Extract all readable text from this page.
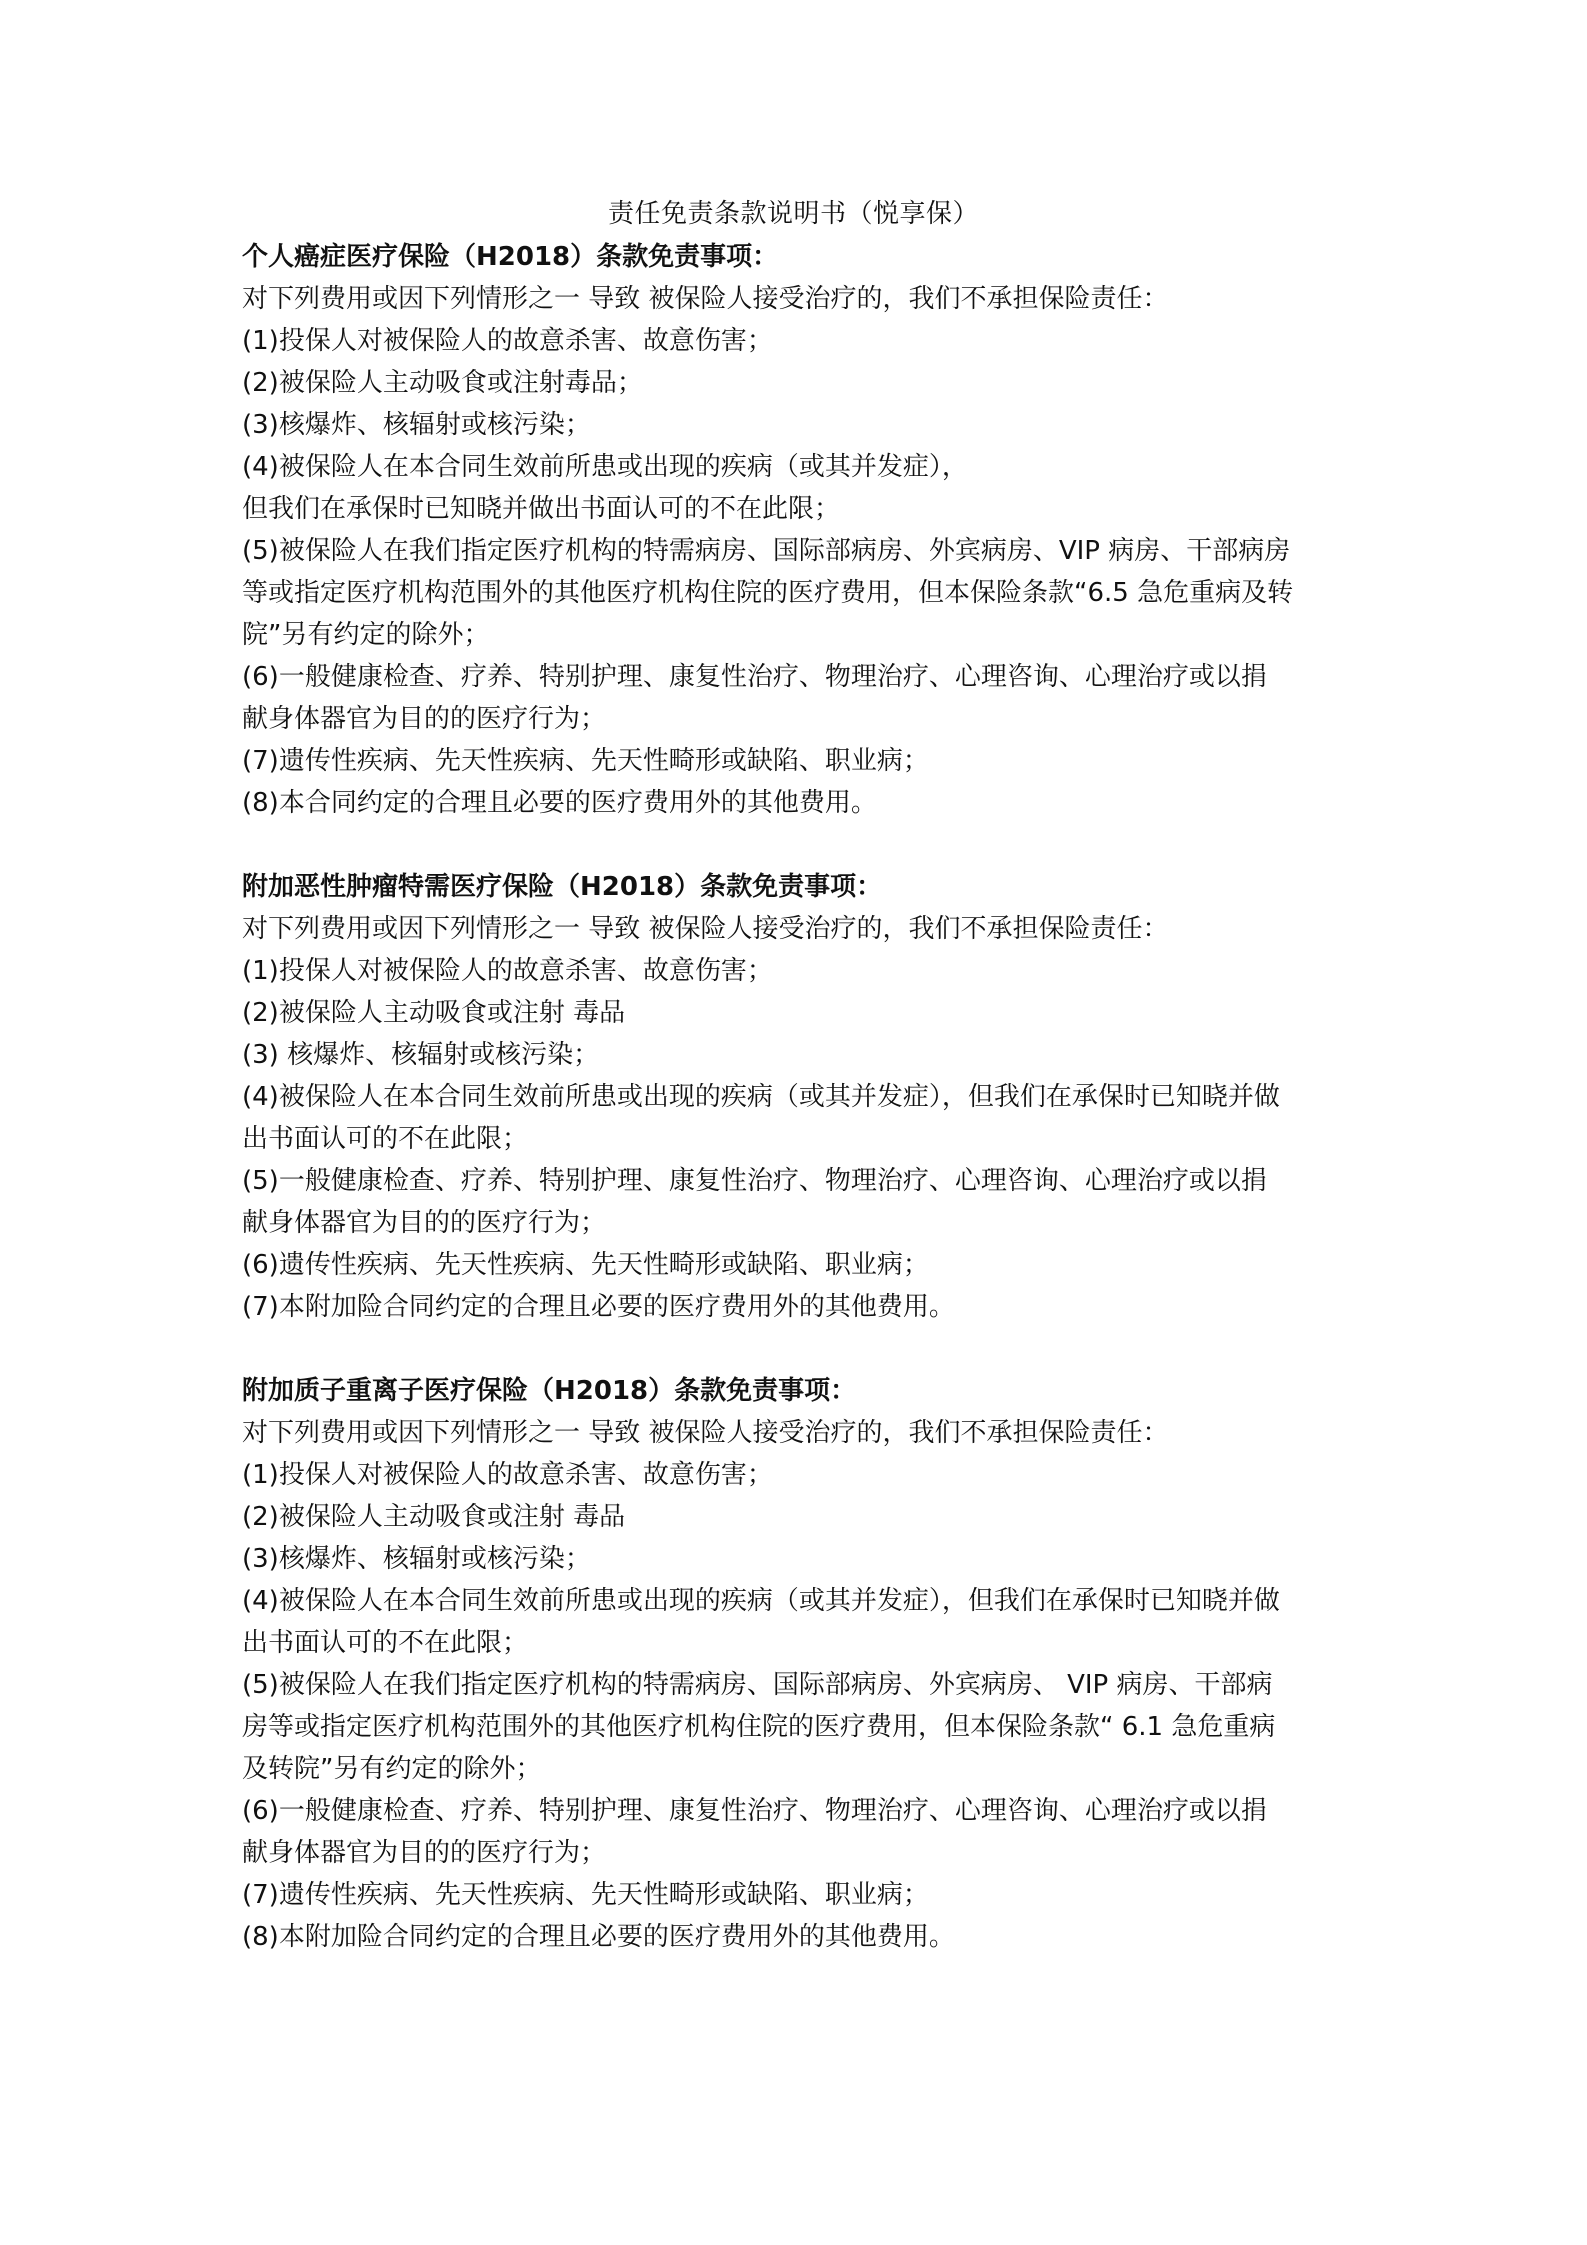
责任免责条款说明书（悦享保）

个人癌症医疗保险（H2018）条款免责事项：

对下列费用或因下列情形之一 导致 被保险人接受治疗的，我们不承担保险责任：

(1)投保人对被保险人的故意杀害、故意伤害；

(2)被保险人主动吸食或注射毒品；

(3)核爆炸、核辐射或核污染；

(4)被保险人在本合同生效前所患或出现的疾病（或其并发症），

但我们在承保时已知晓并做出书面认可的不在此限；

(5)被保险人在我们指定医疗机构的特需病房、国际部病房、外宾病房、VIP 病房、干部病房

等或指定医疗机构范围外的其他医疗机构住院的医疗费用，但本保险条款“6.5 急危重病及转

院”另有约定的除外；

(6)一般健康检查、疗养、特别护理、康复性治疗、物理治疗、心理咨询、心理治疗或以捐

献身体器官为目的的医疗行为；

(7)遗传性疾病、先天性疾病、先天性畸形或缺陷、职业病；

(8)本合同约定的合理且必要的医疗费用外的其他费用。

附加恶性肿瘤特需医疗保险（H2018）条款免责事项：

对下列费用或因下列情形之一 导致 被保险人接受治疗的，我们不承担保险责任：

(1)投保人对被保险人的故意杀害、故意伤害；

(2)被保险人主动吸食或注射 毒品

(3) 核爆炸、核辐射或核污染；

(4)被保险人在本合同生效前所患或出现的疾病（或其并发症），但我们在承保时已知晓并做

出书面认可的不在此限；

(5)一般健康检查、疗养、特别护理、康复性治疗、物理治疗、心理咨询、心理治疗或以捐

献身体器官为目的的医疗行为；

(6)遗传性疾病、先天性疾病、先天性畸形或缺陷、职业病；

(7)本附加险合同约定的合理且必要的医疗费用外的其他费用。

附加质子重离子医疗保险（H2018）条款免责事项：

对下列费用或因下列情形之一 导致 被保险人接受治疗的，我们不承担保险责任：

(1)投保人对被保险人的故意杀害、故意伤害；

(2)被保险人主动吸食或注射 毒品

(3)核爆炸、核辐射或核污染；

(4)被保险人在本合同生效前所患或出现的疾病（或其并发症），但我们在承保时已知晓并做

出书面认可的不在此限；

(5)被保险人在我们指定医疗机构的特需病房、国际部病房、外宾病房、 VIP 病房、干部病

房等或指定医疗机构范围外的其他医疗机构住院的医疗费用，但本保险条款“ 6.1 急危重病

及转院”另有约定的除外；

(6)一般健康检查、疗养、特别护理、康复性治疗、物理治疗、心理咨询、心理治疗或以捐

献身体器官为目的的医疗行为；

(7)遗传性疾病、先天性疾病、先天性畸形或缺陷、职业病；

(8)本附加险合同约定的合理且必要的医疗费用外的其他费用。
